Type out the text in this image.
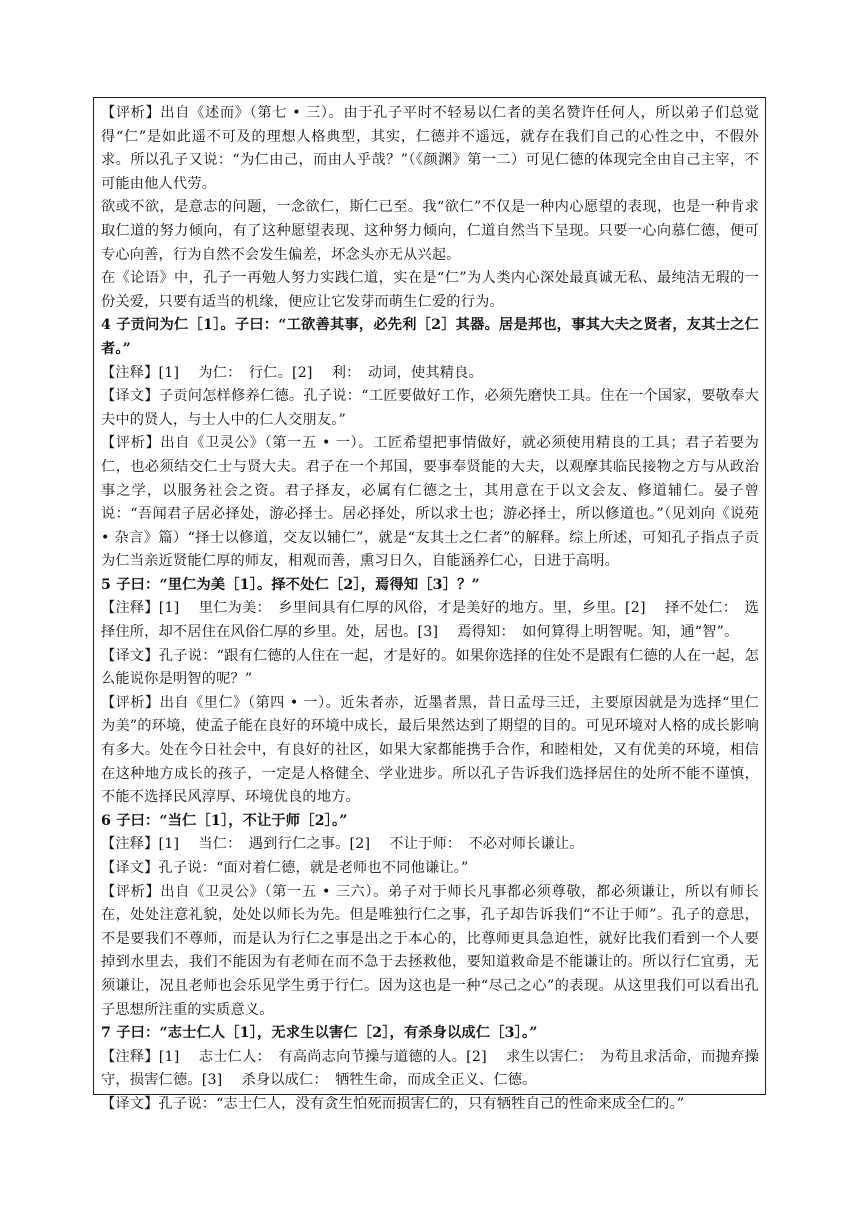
【评析】出自《述而》（第七 • 三）。由于孔子平时不轻易以仁者的美名赞许任何人，所以弟子们总觉得“仁”是如此遥不可及的理想人格典型，其实，仁德并不遥远，就存在我们自己的心性之中，不假外求。所以孔子又说：“为仁由己，而由人乎哉？”（《颜渊》第一二）可见仁德的体现完全由自己主宰，不可能由他人代劳。

欲或不欲，是意志的问题，一念欲仁，斯仁已至。我“欲仁”不仅是一种内心愿望的表现，也是一种肯求取仁道的努力倾向，有了这种愿望表现、这种努力倾向，仁道自然当下呈现。只要一心向慕仁德，便可专心向善，行为自然不会发生偏差，坏念头亦无从兴起。

在《论语》中，孔子一再勉人努力实践仁道，实在是“仁”为人类内心深处最真诚无私、最纯洁无瑕的一份关爱，只要有适当的机缘，便应让它发芽而萌生仁爱的行为。

4 子贡问为仁［1］。子曰：“工欲善其事，必先利［2］其器。居是邦也，事其大夫之贤者，友其士之仁者。”

【注释】[1]　 为仁：　行仁。[2]　 利：　动词，使其精良。

【译文】子贡问怎样修养仁德。孔子说：“工匠要做好工作，必须先磨快工具。住在一个国家，要敬奉大夫中的贤人，与士人中的仁人交朋友。”

【评析】出自《卫灵公》（第一五 • 一）。工匠希望把事情做好，就必须使用精良的工具；君子若要为仁，也必须结交仁士与贤大夫。君子在一个邦国，要事奉贤能的大夫，以观摩其临民接物之方与从政治事之学，以服务社会之资。君子择友，必属有仁德之士，其用意在于以文会友、修道辅仁。晏子曾说：“吾闻君子居必择处，游必择士。居必择处，所以求士也；游必择士，所以修道也。”（见刘向《说苑 • 杂言》篇）“择士以修道，交友以辅仁”，就是“友其士之仁者”的解释。综上所述，可知孔子指点子贡为仁当亲近贤能仁厚的师友，相观而善，熏习日久，自能涵养仁心，日进于高明。

5 子曰：“里仁为美［1］。择不处仁［2］，焉得知［3］？”

【注释】[1]　 里仁为美：　乡里间具有仁厚的风俗，才是美好的地方。里，乡里。[2]　 择不处仁：　选择住所，却不居住在风俗仁厚的乡里。处，居也。[3]　 焉得知：　如何算得上明智呢。知，通“智”。

【译文】孔子说：“跟有仁德的人住在一起，才是好的。如果你选择的住处不是跟有仁德的人在一起，怎么能说你是明智的呢？”

【评析】出自《里仁》（第四 • 一）。近朱者赤，近墨者黑，昔日孟母三迁，主要原因就是为选择“里仁为美”的环境，使孟子能在良好的环境中成长，最后果然达到了期望的目的。可见环境对人格的成长影响有多大。处在今日社会中，有良好的社区，如果大家都能携手合作，和睦相处，又有优美的环境，相信在这种地方成长的孩子，一定是人格健全、学业进步。所以孔子告诉我们选择居住的处所不能不谨慎，不能不选择民风淳厚、环境优良的地方。

6 子曰：“当仁［1］，不让于师［2］。”

【注释】[1]　 当仁：　遇到行仁之事。[2]　 不让于师：　不必对师长谦让。

【译文】孔子说：“面对着仁德，就是老师也不同他谦让。”

【评析】出自《卫灵公》（第一五 • 三六）。弟子对于师长凡事都必须尊敬，都必须谦让，所以有师长在，处处注意礼貌，处处以师长为先。但是唯独行仁之事，孔子却告诉我们“不让于师”。孔子的意思，不是要我们不尊师，而是认为行仁之事是出之于本心的，比尊师更具急迫性，就好比我们看到一个人要掉到水里去，我们不能因为有老师在而不急于去拯救他，要知道救命是不能谦让的。所以行仁宜勇，无须谦让，况且老师也会乐见学生勇于行仁。因为这也是一种“尽己之心”的表现。从这里我们可以看出孔子思想所注重的实质意义。

7 子曰：“志士仁人［1］，无求生以害仁［2］，有杀身以成仁［3］。”

【注释】[1]　 志士仁人：　有高尚志向节操与道德的人。[2]　 求生以害仁：　为苟且求活命，而抛弃操守，损害仁德。[3]　 杀身以成仁：　牺牲生命，而成全正义、仁德。

【译文】孔子说：“志士仁人，没有贪生怕死而损害仁的，只有牺牲自己的性命来成全仁的。”
